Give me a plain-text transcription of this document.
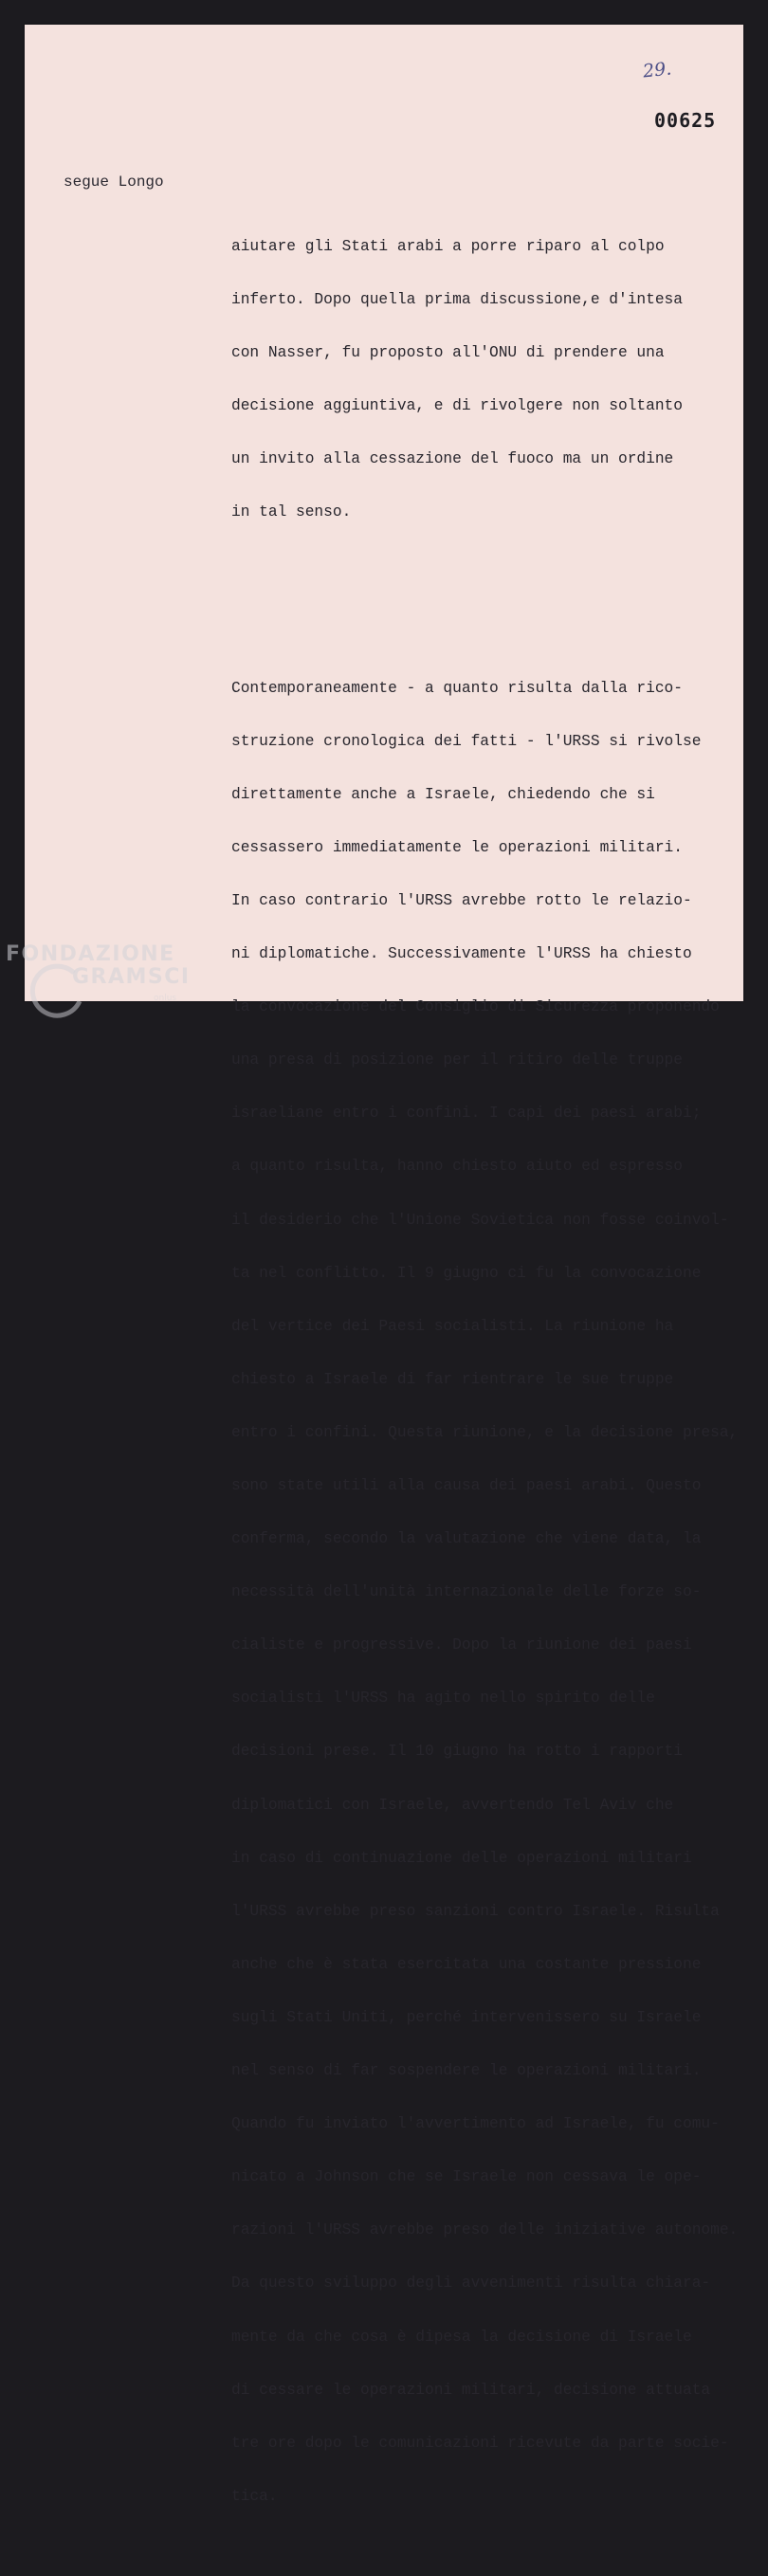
29.
00625
segue Longo

aiutare gli Stati arabi a porre riparo al colpo

inferto. Dopo quella prima discussione,e d'intesa

con Nasser, fu proposto all'ONU di prendere una

decisione aggiuntiva, e di rivolgere non soltanto

un invito alla cessazione del fuoco ma un ordine

in tal senso.

Contemporaneamente - a quanto risulta dalla rico-

struzione cronologica dei fatti - l'URSS si rivolse

direttamente anche a Israele, chiedendo che si

cessassero immediatamente le operazioni militari.

In caso contrario l'URSS avrebbe rotto le relazio-

ni diplomatiche. Successivamente l'URSS ha chiesto

la convocazione del Consiglio di Sicurezza proponendo

una presa di posizione per il ritiro delle truppe

israeliane entro i confini. I capi dei paesi arabi;

a quanto risulta, hanno chiesto aiuto ed espresso

il desiderio che l'Unione Sovietica non fosse coinvol-

ta nel conflitto. Il 9 giugno ci fu la convocazione

del vertice dei Paesi socialisti. La riunione ha

chiesto a Israele di far rientrare le sue truppe

entro i confini. Questa riunione, e la decisione presa,

sono state utili alla causa dei paesi arabi. Questo

conferma, secondo la valutazione che viene data, la

necessità dell'unità internazionale delle forze so-

cialiste e progressive. Dopo la riunione dei paesi

socialisti l'URSS ha agito nello spirito delle

decisioni prese. Il 10 giugno ha rotto i rapporti

diplomatici con Israele, avvertendo Tel Aviv che

in caso di continuazione delle operazioni militari

l'URSS avrebbe preso sanzioni contro Israele. Risulta

anche che è stata esercitata una costante pressione

sugli Stati Uniti, perché intervenissero su Israele

nel senso di far sospendere le operazioni militari.

Quando fu inviato l'avvertimento ad Israele, fu comu-

nicato a Johnson che se Israele non cessava le ope-

razioni l'URSS avrebbe preso delle iniziative autonome.

Da questo sviluppo degli avvenimenti risulta chiara-

mente da che cosa è dipesa la decisione di Israele

di cessare le operazioni militari, decisione attuata

tre ore dopo le comunicazioni ricevute da parte socie-

tica.

FONDAZIONE
GRAMSCI
onlus
